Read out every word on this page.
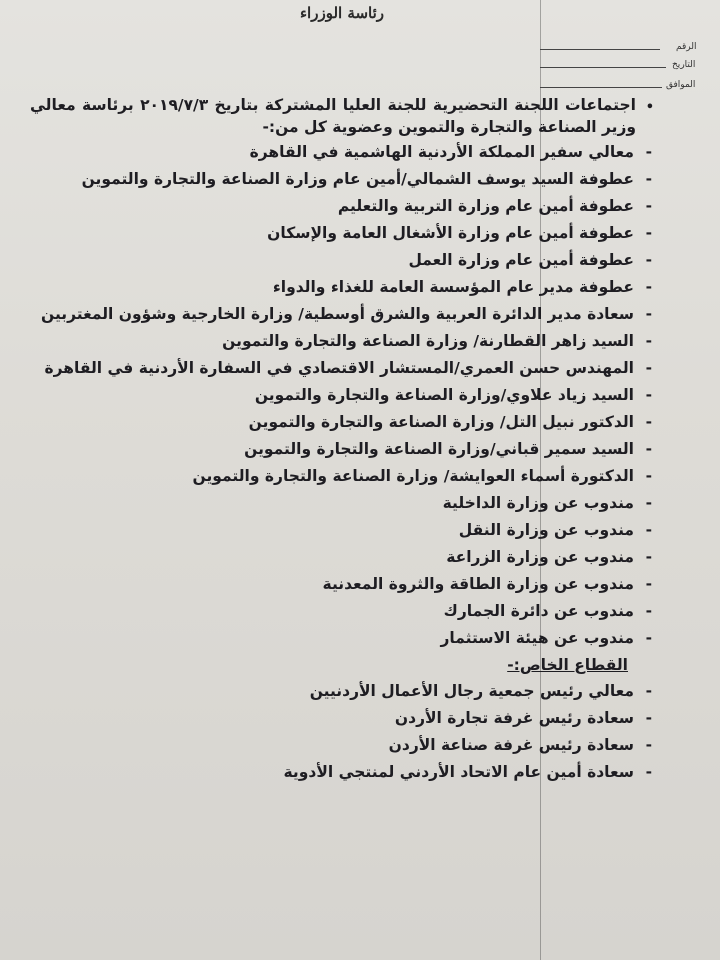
رئاسة الوزراء
الرقم
التاريخ
الموافق
•
اجتماعات اللجنة التحضيرية للجنة العليا المشتركة بتاريخ ٢٠١٩/٧/٣ برئاسة معالي وزير الصناعة والتجارة والتموين وعضوية كل من:-
-
معالي سفير المملكة الأردنية الهاشمية في القاهرة
-
عطوفة السيد يوسف الشمالي/أمين عام وزارة الصناعة والتجارة والتموين
-
عطوفة أمين عام وزارة التربية والتعليم
-
عطوفة أمين عام وزارة الأشغال العامة والإسكان
-
عطوفة أمين عام وزارة العمل
-
عطوفة مدير عام المؤسسة العامة للغذاء والدواء
-
سعادة مدير الدائرة العربية والشرق أوسطية/ وزارة الخارجية وشؤون المغتربين
-
السيد زاهر القطارنة/ وزارة الصناعة والتجارة والتموين
-
المهندس حسن العمري/المستشار الاقتصادي في السفارة الأردنية في القاهرة
-
السيد زياد علاوي/وزارة الصناعة والتجارة والتموين
-
الدكتور نبيل التل/ وزارة الصناعة والتجارة والتموين
-
السيد سمير قباني/وزارة الصناعة والتجارة والتموين
-
الدكتورة أسماء العوايشة/ وزارة الصناعة والتجارة والتموين
-
مندوب عن وزارة الداخلية
-
مندوب عن وزارة النقل
-
مندوب عن وزارة الزراعة
-
مندوب عن وزارة الطاقة والثروة المعدنية
-
مندوب عن دائرة الجمارك
-
مندوب عن هيئة الاستثمار
القطاع الخاص:-
-
معالي رئيس جمعية رجال الأعمال الأردنيين
-
سعادة رئيس غرفة تجارة الأردن
-
سعادة رئيس غرفة صناعة الأردن
-
سعادة أمين عام الاتحاد الأردني لمنتجي الأدوية
